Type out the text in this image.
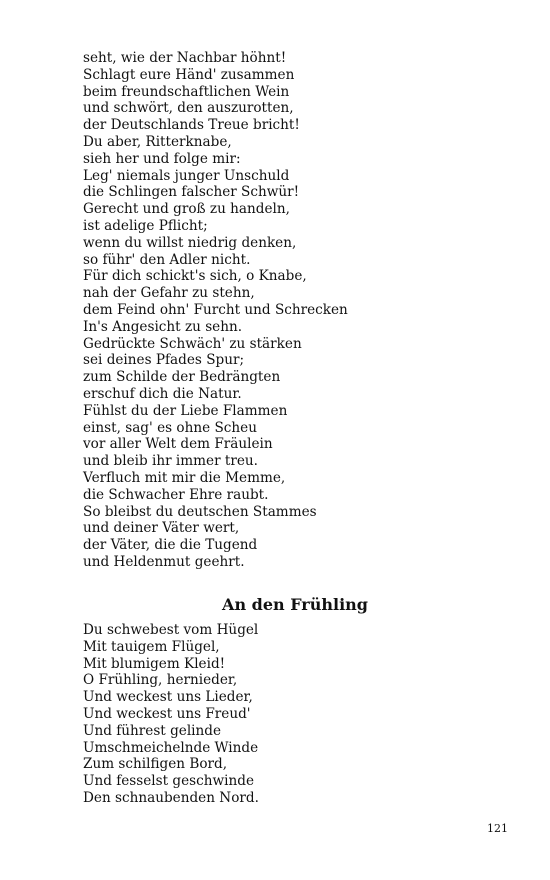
seht, wie der Nachbar höhnt!
Schlagt eure Händ' zusammen
beim freundschaftlichen Wein
und schwört, den auszurotten,
der Deutschlands Treue bricht!
Du aber, Ritterknabe,
sieh her und folge mir:
Leg' niemals junger Unschuld
die Schlingen falscher Schwür!
Gerecht und groß zu handeln,
ist adelige Pflicht;
wenn du willst niedrig denken,
so führ' den Adler nicht.
Für dich schickt's sich, o Knabe,
nah der Gefahr zu stehn,
dem Feind ohn' Furcht und Schrecken
In's Angesicht zu sehn.
Gedrückte Schwäch' zu stärken
sei deines Pfades Spur;
zum Schilde der Bedrängten
erschuf dich die Natur.
Fühlst du der Liebe Flammen
einst, sag' es ohne Scheu
vor aller Welt dem Fräulein
und bleib ihr immer treu.
Verfluch mit mir die Memme,
die Schwacher Ehre raubt.
So bleibst du deutschen Stammes
und deiner Väter wert,
der Väter, die die Tugend
und Heldenmut geehrt.
An den Frühling
Du schwebest vom Hügel
Mit tauigem Flügel,
Mit blumigem Kleid!
O Frühling, hernieder,
Und weckest uns Lieder,
Und weckest uns Freud'
Und führest gelinde
Umschmeichelnde Winde
Zum schilfigen Bord,
Und fesselst geschwinde
Den schnaubenden Nord.
121
